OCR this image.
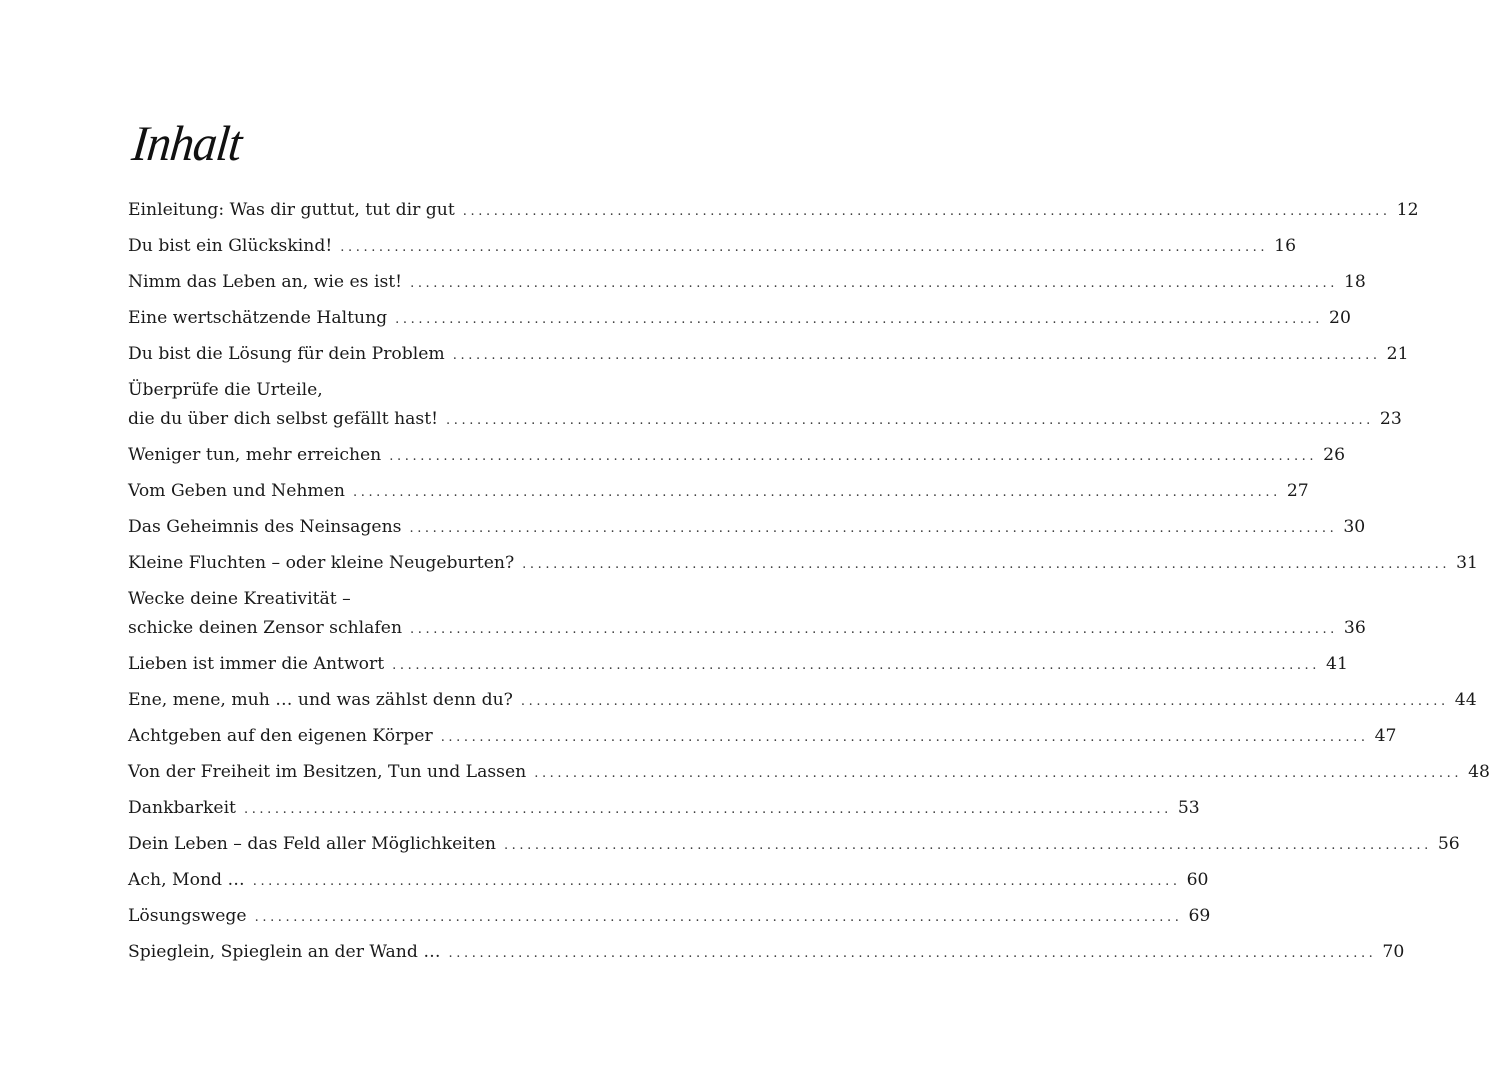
Inhalt
Einleitung: Was dir guttut, tut dir gut ........................................................................................................................ 12
Du bist ein Glückskind! ........................................................................................................................ 16
Nimm das Leben an, wie es ist! ........................................................................................................................ 18
Eine wertschätzende Haltung ........................................................................................................................ 20
Du bist die Lösung für dein Problem ........................................................................................................................ 21
Überprüfe die Urteile,
die du über dich selbst gefällt hast! ........................................................................................................................ 23
Weniger tun, mehr erreichen ........................................................................................................................ 26
Vom Geben und Nehmen ........................................................................................................................ 27
Das Geheimnis des Neinsagens ........................................................................................................................ 30
Kleine Fluchten – oder kleine Neugeburten? ........................................................................................................................ 31
Wecke deine Kreativität –
schicke deinen Zensor schlafen ........................................................................................................................ 36
Lieben ist immer die Antwort ........................................................................................................................ 41
Ene, mene, muh … und was zählst denn du? ........................................................................................................................ 44
Achtgeben auf den eigenen Körper ........................................................................................................................ 47
Von der Freiheit im Besitzen, Tun und Lassen ........................................................................................................................ 48
Dankbarkeit ........................................................................................................................ 53
Dein Leben – das Feld aller Möglichkeiten ........................................................................................................................ 56
Ach, Mond … ........................................................................................................................ 60
Lösungswege ........................................................................................................................ 69
Spieglein, Spieglein an der Wand … ........................................................................................................................ 70
